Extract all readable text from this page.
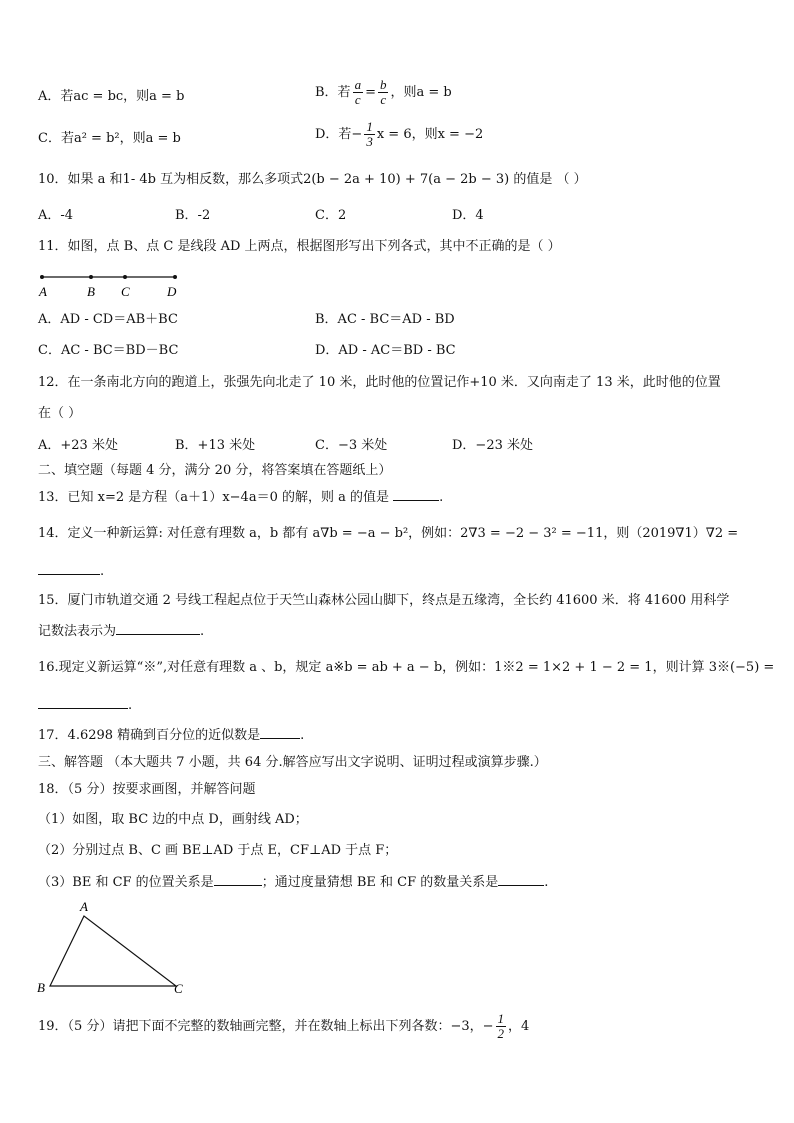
A．若ac = bc，则a = b	B．若 $\frac{a}{c} = \frac{b}{c}$ ，则a = b
C．若a² = b²，则a = b	D．若− $\frac{1}{3}$ x = 6，则x = −2
10．如果 a 和1- 4b 互为相反数，那么多项式2(b − 2a + 10) + 7(a − 2b − 3) 的值是 （ ）
A．-4	B．-2	C．2	D．4
11．如图，点 B、点 C 是线段 AD 上两点，根据图形写出下列各式，其中不正确的是（ ）
A	B C	D
A．AD - CD＝AB＋BC	B．AC - BC＝AD - BD
C．AC - BC＝BD－BC	D．AD - AC＝BD - BC
12．在一条南北方向的跑道上，张强先向北走了 10 米，此时他的位置记作+10 米．又向南走了 13 米，此时他的位置
在（ ）
A．+23 米处	B．+13 米处	C．−3 米处	D．−23 米处
二、填空题（每题 4 分，满分 20 分，将答案填在答题纸上）
13．已知 x=2 是方程（a＋1）x−4a＝0 的解，则 a 的值是	.
14．定义一种新运算: 对任意有理数 a，b 都有 a∇b = −a − b²，例如：2∇3 = −2 − 3² = −11，则（2019∇1）∇2 =
.
15．厦门市轨道交通 2 号线工程起点位于天竺山森林公园山脚下，终点是五缘湾，全长约 41600 米．将 41600 用科学
记数法表示为	.
16.现定义新运算“※”,对任意有理数 a 、b，规定 a※b = ab + a − b，例如：1※2 = 1×2 + 1 − 2 = 1，则计算 3※(−5) =
.
17．4.6298 精确到百分位的近似数是	.
三、解答题 （本大题共 7 小题，共 64 分.解答应写出文字说明、证明过程或演算步骤.）
18．（5 分）按要求画图，并解答问题
（1）如图，取 BC 边的中点 D，画射线 AD；
（2）分别过点 B、C 画 BE⊥AD 于点 E，CF⊥AD 于点 F；
（3）BE 和 CF 的位置关系是	；通过度量猜想 BE 和 CF 的数量关系是	.
A
B	C
19．（5 分）请把下面不完整的数轴画完整，并在数轴上标出下列各数：−3，− $\frac{1}{2}$ ，4
